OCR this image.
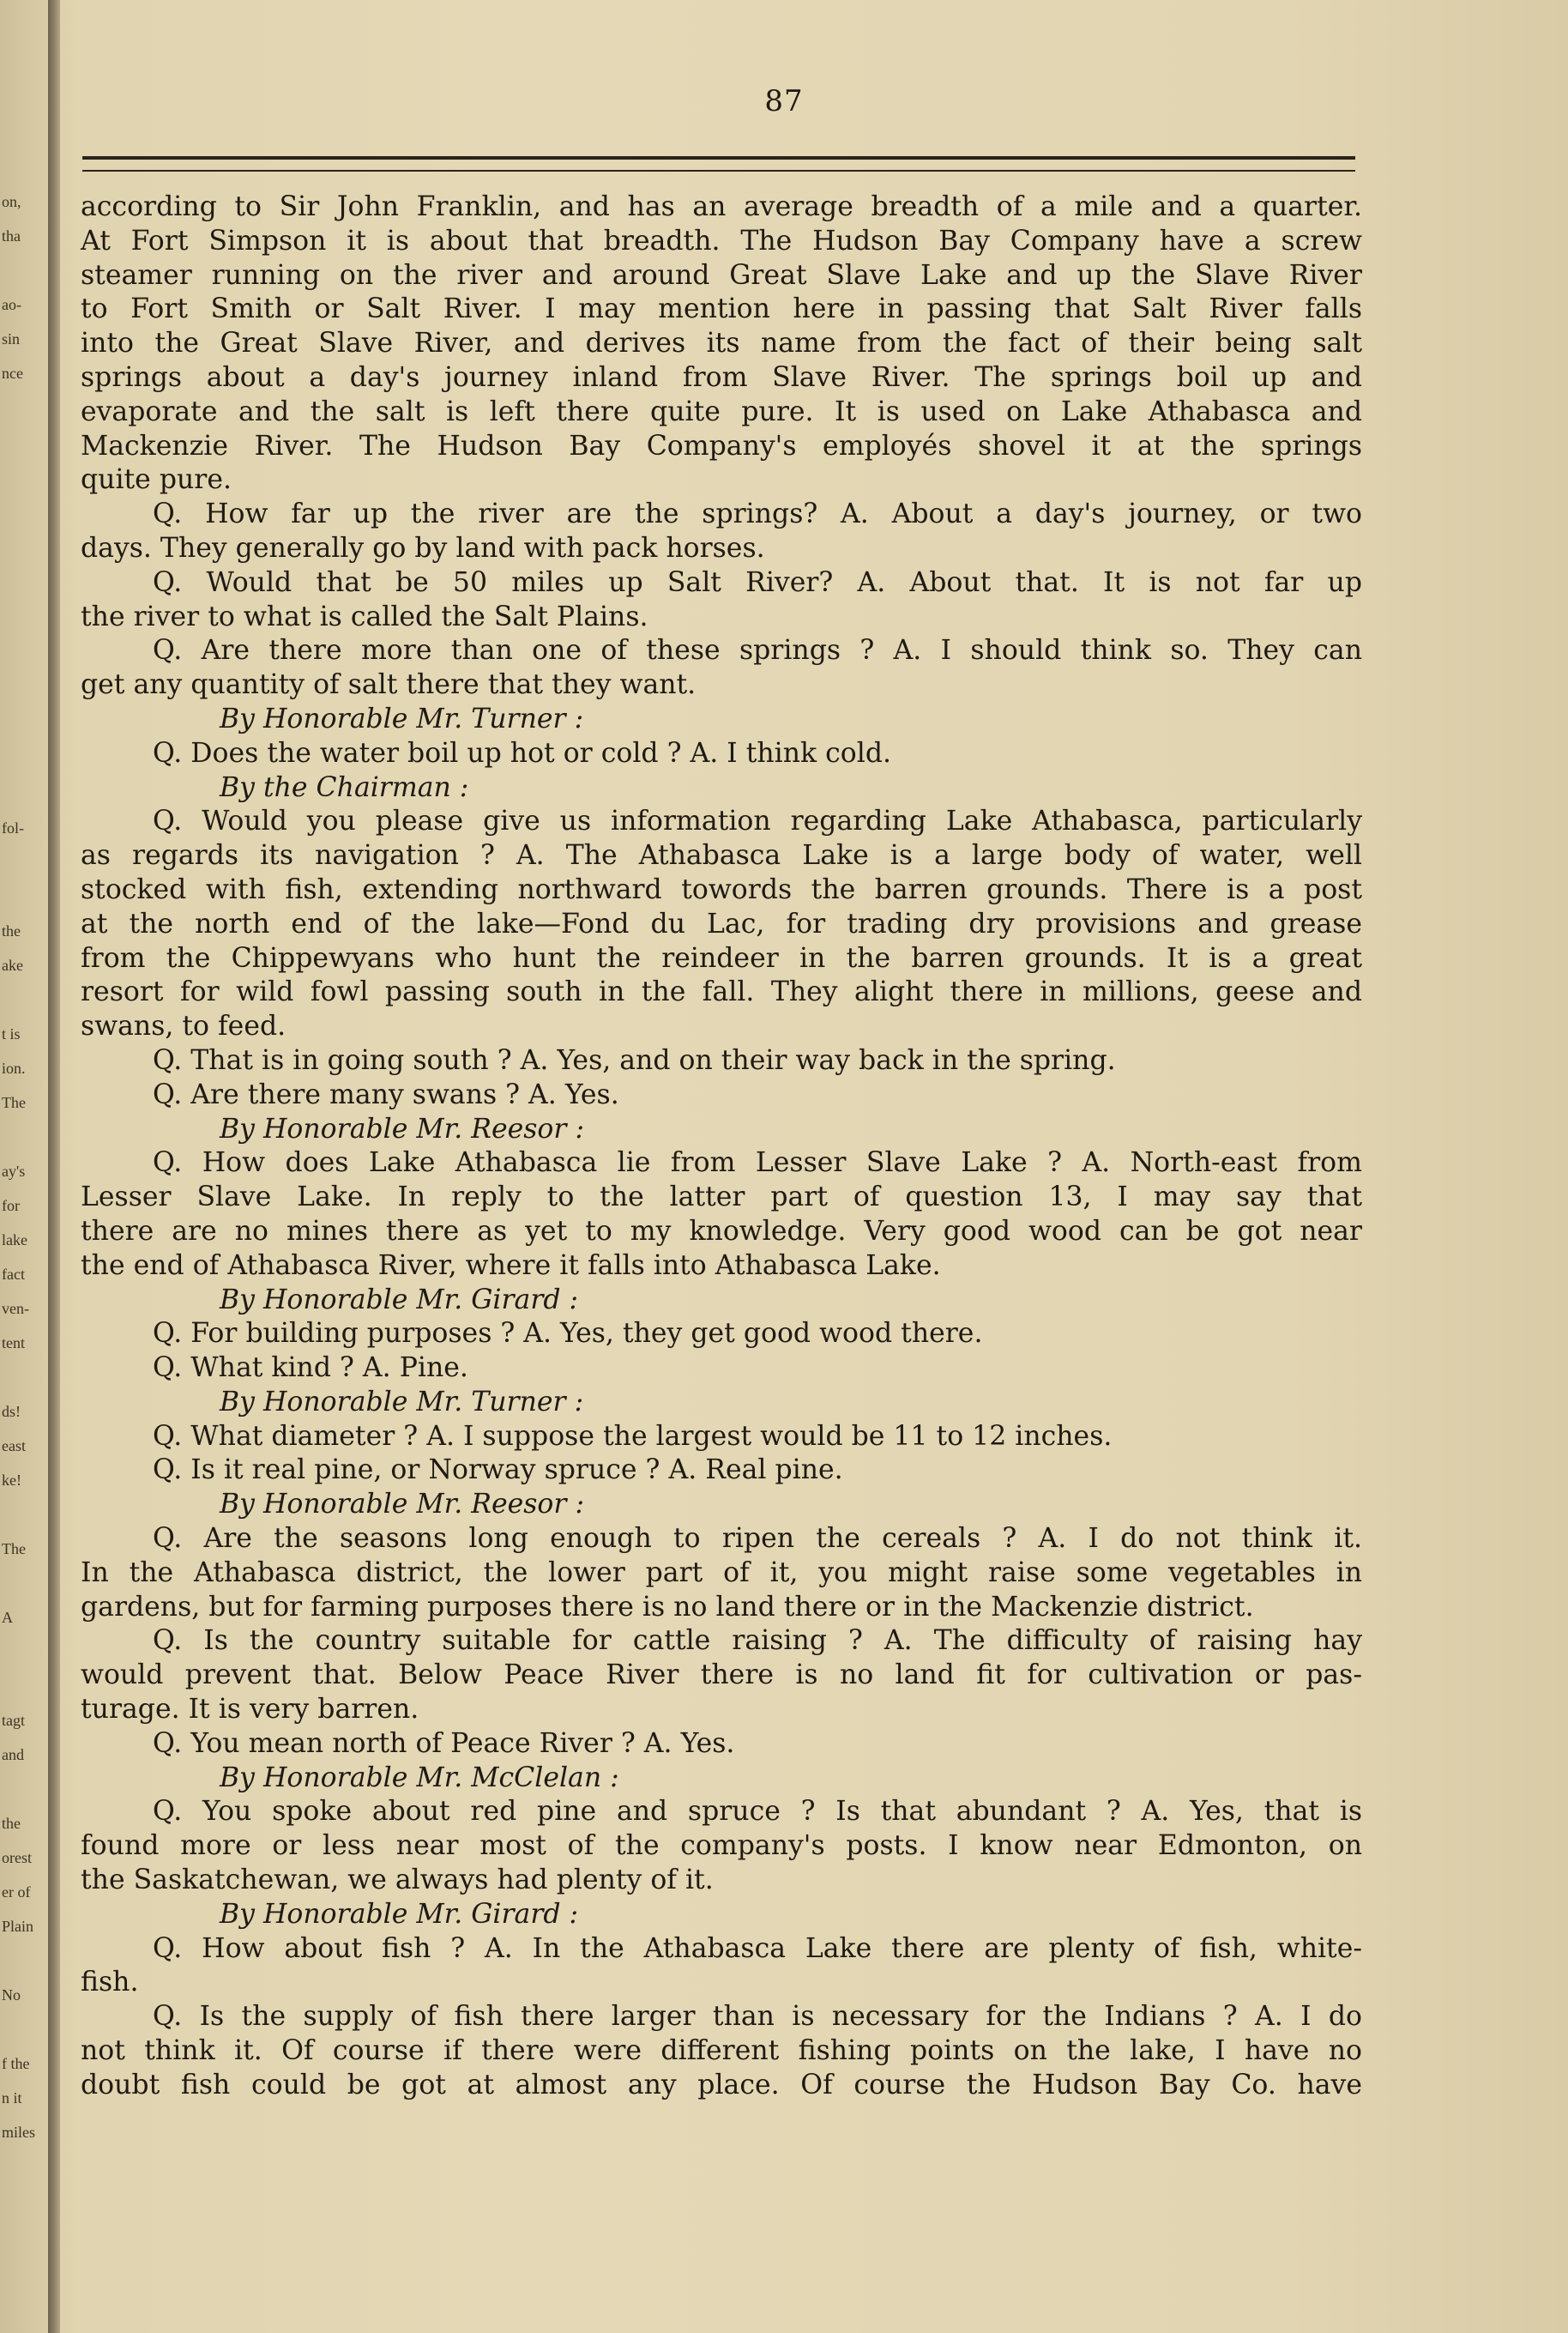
on,
tha
ao-
sin
nce
fol-
the
ake
t is
ion.
The
ay's
for
lake
fact
ven-
tent
ds!
east
ke!
The
A
tagt
and
the
orest
er of
Plain
No
f the
n it
miles
87
according to Sir John Franklin, and has an average breadth of a mile and a quarter.
At Fort Simpson it is about that breadth. The Hudson Bay Company have a screw
steamer running on the river and around Great Slave Lake and up the Slave River
to Fort Smith or Salt River. I may mention here in passing that Salt River falls
into the Great Slave River, and derives its name from the fact of their being salt
springs about a day's journey inland from Slave River. The springs boil up and
evaporate and the salt is left there quite pure. It is used on Lake Athabasca and
Mackenzie River. The Hudson Bay Company's employés shovel it at the springs
quite pure.
Q. How far up the river are the springs? A. About a day's journey, or two
days. They generally go by land with pack horses.
Q. Would that be 50 miles up Salt River? A. About that. It is not far up
the river to what is called the Salt Plains.
Q. Are there more than one of these springs ? A. I should think so. They can
get any quantity of salt there that they want.
By Honorable Mr. Turner :
Q. Does the water boil up hot or cold ? A. I think cold.
By the Chairman :
Q. Would you please give us information regarding Lake Athabasca, particularly
as regards its navigation ? A. The Athabasca Lake is a large body of water, well
stocked with fish, extending northward towords the barren grounds. There is a post
at the north end of the lake—Fond du Lac, for trading dry provisions and grease
from the Chippewyans who hunt the reindeer in the barren grounds. It is a great
resort for wild fowl passing south in the fall. They alight there in millions, geese and
swans, to feed.
Q. That is in going south ? A. Yes, and on their way back in the spring.
Q. Are there many swans ? A. Yes.
By Honorable Mr. Reesor :
Q. How does Lake Athabasca lie from Lesser Slave Lake ? A. North-east from
Lesser Slave Lake. In reply to the latter part of question 13, I may say that
there are no mines there as yet to my knowledge. Very good wood can be got near
the end of Athabasca River, where it falls into Athabasca Lake.
By Honorable Mr. Girard :
Q. For building purposes ? A. Yes, they get good wood there.
Q. What kind ? A. Pine.
By Honorable Mr. Turner :
Q. What diameter ? A. I suppose the largest would be 11 to 12 inches.
Q. Is it real pine, or Norway spruce ? A. Real pine.
By Honorable Mr. Reesor :
Q. Are the seasons long enough to ripen the cereals ? A. I do not think it.
In the Athabasca district, the lower part of it, you might raise some vegetables in
gardens, but for farming purposes there is no land there or in the Mackenzie district.
Q. Is the country suitable for cattle raising ? A. The difficulty of raising hay
would prevent that. Below Peace River there is no land fit for cultivation or pas-
turage. It is very barren.
Q. You mean north of Peace River ? A. Yes.
By Honorable Mr. McClelan :
Q. You spoke about red pine and spruce ? Is that abundant ? A. Yes, that is
found more or less near most of the company's posts. I know near Edmonton, on
the Saskatchewan, we always had plenty of it.
By Honorable Mr. Girard :
Q. How about fish ? A. In the Athabasca Lake there are plenty of fish, white-
fish.
Q. Is the supply of fish there larger than is necessary for the Indians ? A. I do
not think it. Of course if there were different fishing points on the lake, I have no
doubt fish could be got at almost any place. Of course the Hudson Bay Co. have
